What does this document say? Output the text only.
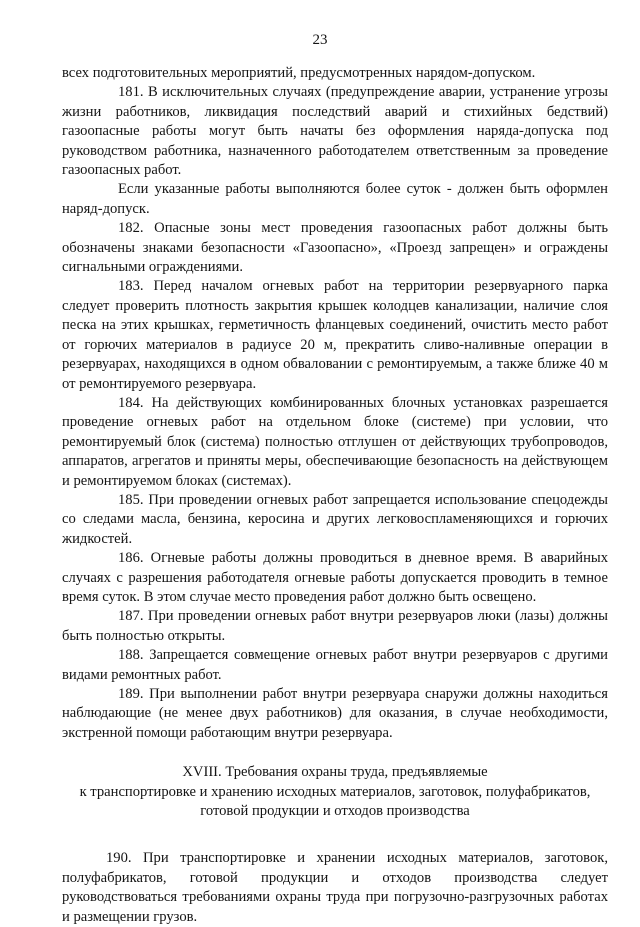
23

всех подготовительных мероприятий, предусмотренных нарядом-допуском.

181. В исключительных случаях (предупреждение аварии, устранение угрозы жизни работников, ликвидация последствий аварий и стихийных бедствий) газоопасные работы могут быть начаты без оформления наряда-допуска под руководством работника, назначенного работодателем ответственным за проведение газоопасных работ.

Если указанные работы выполняются более суток - должен быть оформлен наряд-допуск.

182. Опасные зоны мест проведения газоопасных работ должны быть обозначены знаками безопасности «Газоопасно», «Проезд запрещен» и ограждены сигнальными ограждениями.

183. Перед началом огневых работ на территории резервуарного парка следует проверить плотность закрытия крышек колодцев канализации, наличие слоя песка на этих крышках, герметичность фланцевых соединений, очистить место работ от горючих материалов в радиусе 20 м, прекратить сливо-наливные операции в резервуарах, находящихся в одном обваловании с ремонтируемым, а также ближе 40 м от ремонтируемого резервуара.

184. На действующих комбинированных блочных установках разрешается проведение огневых работ на отдельном блоке (системе) при условии, что ремонтируемый блок (система) полностью отглушен от действующих трубопроводов, аппаратов, агрегатов и приняты меры, обеспечивающие безопасность на действующем и ремонтируемом блоках (системах).

185. При проведении огневых работ запрещается использование спецодежды со следами масла, бензина, керосина и других легковоспламеняющихся и горючих жидкостей.

186. Огневые работы должны проводиться в дневное время. В аварийных случаях с разрешения работодателя огневые работы допускается проводить в темное время суток. В этом случае место проведения работ должно быть освещено.

187. При проведении огневых работ внутри резервуаров люки (лазы) должны быть полностью открыты.

188. Запрещается совмещение огневых работ внутри резервуаров с другими видами ремонтных работ.

189. При выполнении работ внутри резервуара снаружи должны находиться наблюдающие (не менее двух работников) для оказания, в случае необходимости, экстренной помощи работающим внутри резервуара.

XVIII. Требования охраны труда, предъявляемые
к транспортировке и хранению исходных материалов, заготовок, полуфабрикатов,
готовой продукции и отходов производства

190. При транспортировке и хранении исходных материалов, заготовок, полуфабрикатов, готовой продукции и отходов производства следует руководствоваться требованиями охраны труда при погрузочно-разгрузочных работах и размещении грузов.
